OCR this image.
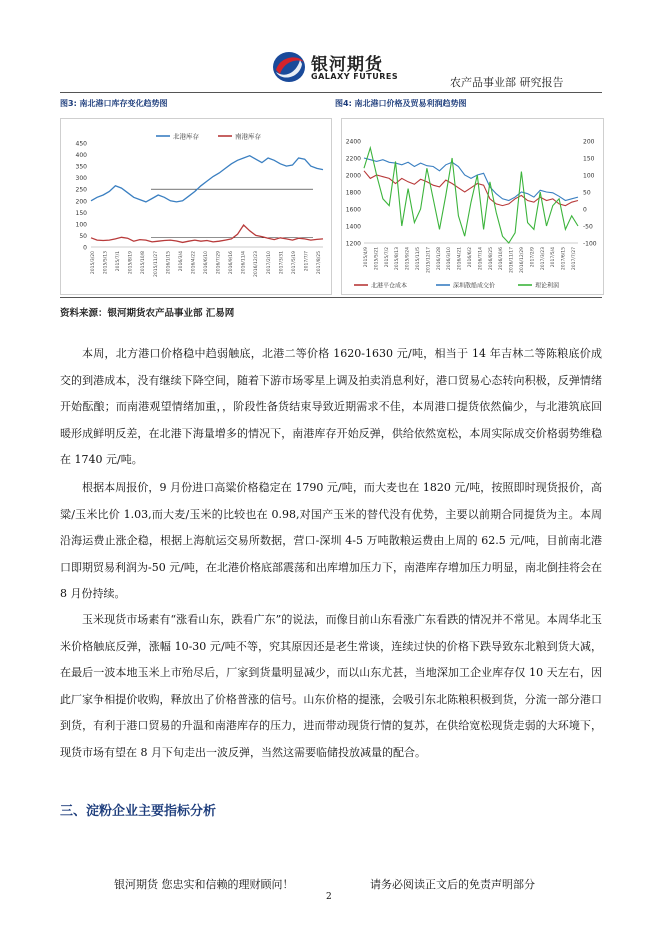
银河期货
GALAXY FUTURES	农产品事业部 研究报告
图3: 南北港口库存变化趋势图	图4: 南北港口价格及贸易利润趋势图
0
50
100
150
200
250
300
350
400
450
北港库存	南港库存
2015/3/20 2015/5/13 2015/7/1 2015/8/19 2015/10/8 2015/11/27 2016/1/15 2016/3/4 2016/4/22 2016/6/10 2016/7/29 2016/9/16 2016/11/4 2016/12/23 2017/2/10 2017/3/31 2017/5/19 2017/7/7 2017/8/25
1200
1400
1600
1800
2000
2200
2400
-100
-50
0
50
100
150
200
北港平仓成本	深圳散船成交价	理论利润
2015/4/9 2015/5/21 2015/7/2 2015/8/13 2015/9/24 2015/11/5 2015/12/17 2016/1/28 2016/3/10 2016/4/21 2016/6/2 2016/7/14 2016/8/25 2016/10/6 2016/11/17 2016/12/29 2017/2/9 2017/3/23 2017/5/4 2017/6/15 2017/7/27
资料来源：银河期货农产品事业部 汇易网

本周，北方港口价格稳中趋弱触底，北港二等价格 1620-1630 元/吨，相当于 14 年吉林二等陈粮底价成交的到港成本，没有继续下降空间，随着下游市场零星上调及拍卖消息利好，港口贸易心态转向积极，反弹情绪开始酝酿；而南港观望情绪加重，，阶段性备货结束导致近期需求不佳，本周港口提货依然偏少，与北港筑底回暖形成鲜明反差，在北港下海量增多的情况下，南港库存开始反弹，供给依然宽松，本周实际成交价格弱势维稳在 1740 元/吨。

根据本周报价，9 月份进口高粱价格稳定在 1790 元/吨，而大麦也在 1820 元/吨，按照即时现货报价，高粱/玉米比价 1.03,而大麦/玉米的比较也在 0.98,对国产玉米的替代没有优势，主要以前期合同提货为主。本周沿海运费止涨企稳，根据上海航运交易所数据，营口-深圳 4-5 万吨散粮运费由上周的 62.5 元/吨，目前南北港口即期贸易利润为-50 元/吨，在北港价格底部震荡和出库增加压力下，南港库存增加压力明显，南北倒挂将会在 8 月份持续。

玉米现货市场素有“涨看山东，跌看广东”的说法，而像目前山东看涨广东看跌的情况并不常见。本周华北玉米价格触底反弹，涨幅 10-30 元/吨不等，究其原因还是老生常谈，连续过快的价格下跌导致东北粮到货大减，在最后一波本地玉米上市殆尽后，厂家到货量明显减少，而以山东尤甚，当地深加工企业库存仅 10 天左右，因此厂家争相提价收购，释放出了价格普涨的信号。山东价格的提涨，会吸引东北陈粮积极到货，分流一部分港口到货，有利于港口贸易的升温和南港库存的压力，进而带动现货行情的复苏，在供给宽松现货走弱的大环境下，现货市场有望在 8 月下旬走出一波反弹，当然这需要临储投放减量的配合。

三、淀粉企业主要指标分析
银河期货 您忠实和信赖的理财顾问！	请务必阅读正文后的免责声明部分
2
